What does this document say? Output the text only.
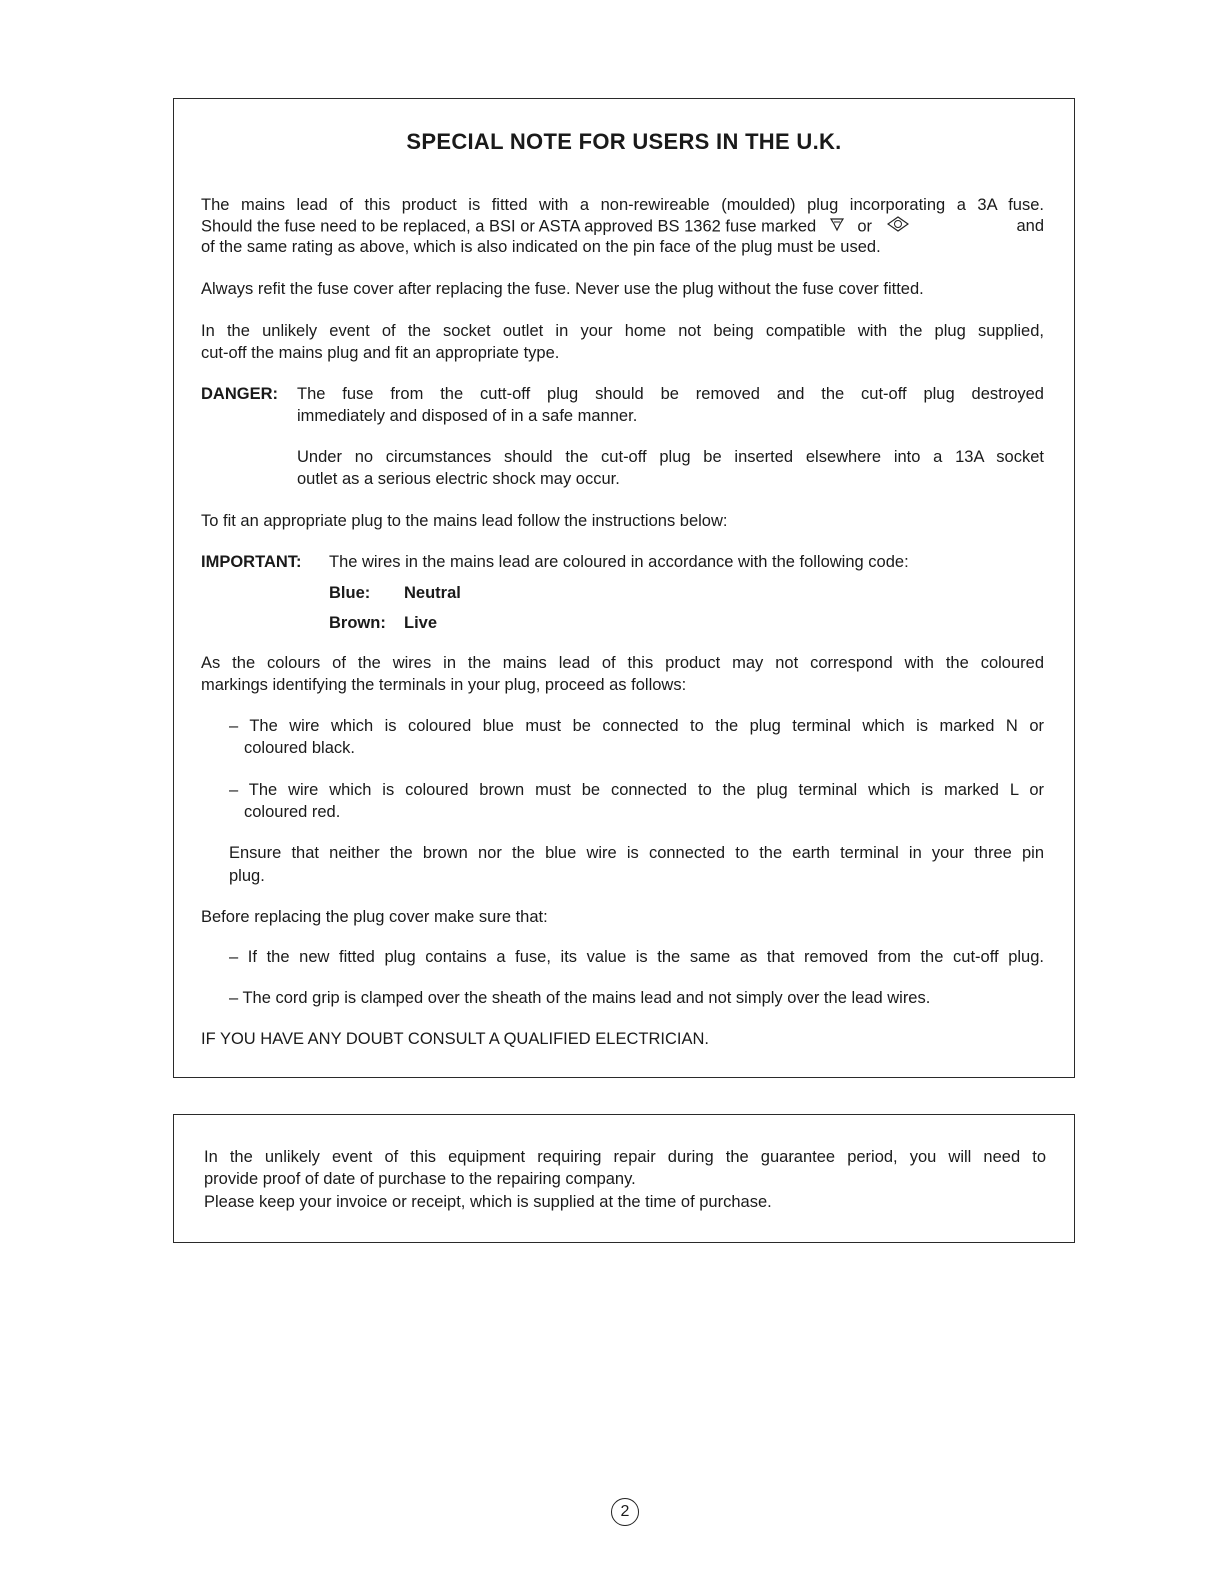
SPECIAL NOTE FOR USERS IN THE U.K.
The mains lead of this product is fitted with a non-rewireable (moulded) plug incorporating a 3A fuse.
Should the fuse need to be replaced, a BSI or ASTA approved BS 1362 fuse marked or	and
of the same rating as above, which is also indicated on the pin face of the plug must be used.
Always refit the fuse cover after replacing the fuse. Never use the plug without the fuse cover fitted.
In the unlikely event of the socket outlet in your home not being compatible with the plug supplied,
cut-off the mains plug and fit an appropriate type.
DANGER: The fuse from the cutt-off plug should be removed and the cut-off plug destroyed
immediately and disposed of in a safe manner.
Under no circumstances should the cut-off plug be inserted elsewhere into a 13A socket
outlet as a serious electric shock may occur.
To fit an appropriate plug to the mains lead follow the instructions below:
IMPORTANT: The wires in the mains lead are coloured in accordance with the following code:
Blue: Neutral
Brown: Live
As the colours of the wires in the mains lead of this product may not correspond with the coloured
markings identifying the terminals in your plug, proceed as follows:
– The wire which is coloured blue must be connected to the plug terminal which is marked N or
coloured black.
– The wire which is coloured brown must be connected to the plug terminal which is marked L or
coloured red.
Ensure that neither the brown nor the blue wire is connected to the earth terminal in your three pin
plug.
Before replacing the plug cover make sure that:
– If the new fitted plug contains a fuse, its value is the same as that removed from the cut-off plug.
– The cord grip is clamped over the sheath of the mains lead and not simply over the lead wires.
IF YOU HAVE ANY DOUBT CONSULT A QUALIFIED ELECTRICIAN.
In the unlikely event of this equipment requiring repair during the guarantee period, you will need to
provide proof of date of purchase to the repairing company.
Please keep your invoice or receipt, which is supplied at the time of purchase.
2
